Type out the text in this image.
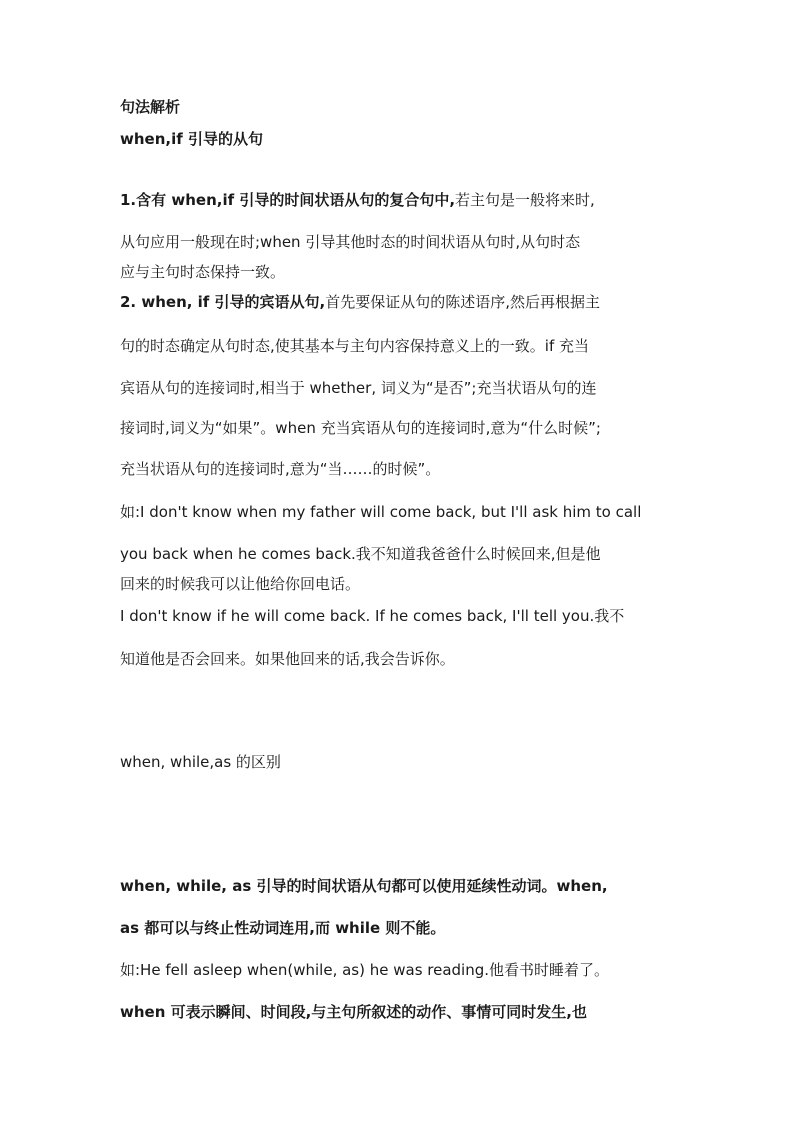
句法解析
when,if 引导的从句
1.含有 when,if 引导的时间状语从句的复合句中,若主句是一般将来时,
从句应用一般现在时;when 引导其他时态的时间状语从句时,从句时态
应与主句时态保持一致。
2. when, if 引导的宾语从句,首先要保证从句的陈述语序,然后再根据主
句的时态确定从句时态,使其基本与主句内容保持意义上的一致。if 充当
宾语从句的连接词时,相当于 whether, 词义为“是否”;充当状语从句的连
接词时,词义为“如果”。when 充当宾语从句的连接词时,意为“什么时候”;
充当状语从句的连接词时,意为“当……的时候”。
如:I don't know when my father will come back, but I'll ask him to call
you back when he comes back.我不知道我爸爸什么时候回来,但是他
回来的时候我可以让他给你回电话。
I don't know if he will come back. If he comes back, I'll tell you.我不
知道他是否会回来。如果他回来的话,我会告诉你。
when, while,as 的区别
when, while, as 引导的时间状语从句都可以使用延续性动词。when,
as 都可以与终止性动词连用,而 while 则不能。
如:He fell asleep when(while, as) he was reading.他看书时睡着了。
when 可表示瞬间、时间段,与主句所叙述的动作、事情可同时发生,也
